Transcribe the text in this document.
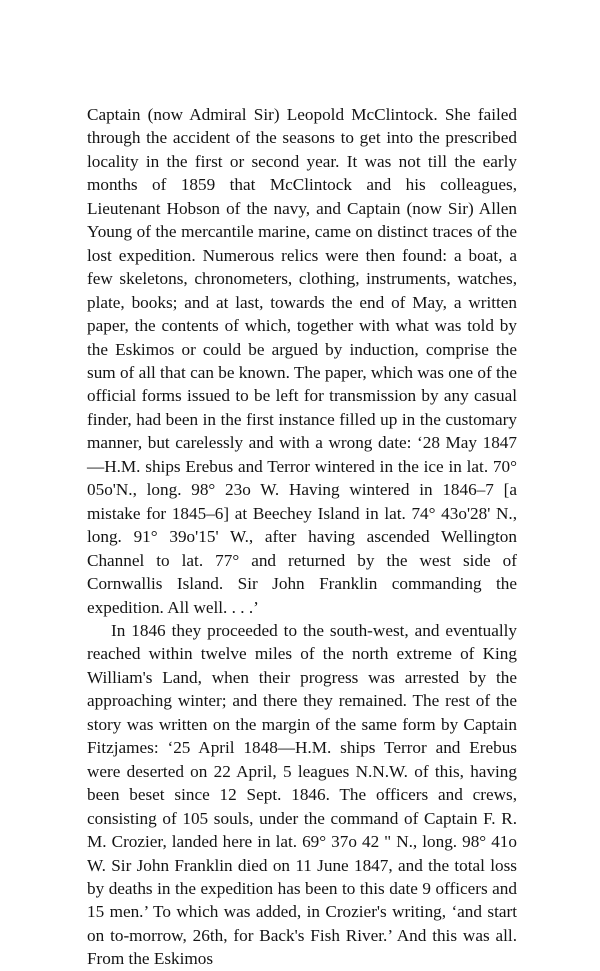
Captain (now Admiral Sir) Leopold McClintock. She failed through the accident of the seasons to get into the prescribed locality in the first or second year. It was not till the early months of 1859 that McClintock and his colleagues, Lieutenant Hobson of the navy, and Captain (now Sir) Allen Young of the mercantile marine, came on distinct traces of the lost expedition. Numerous relics were then found: a boat, a few skeletons, chronometers, clothing, instruments, watches, plate, books; and at last, towards the end of May, a written paper, the contents of which, together with what was told by the Eskimos or could be argued by induction, comprise the sum of all that can be known. The paper, which was one of the official forms issued to be left for transmission by any casual finder, had been in the first instance filled up in the customary manner, but carelessly and with a wrong date: ‘28 May 1847—H.M. ships Erebus and Terror wintered in the ice in lat. 70° 05o'N., long. 98° 23o W. Having wintered in 1846–7 [a mistake for 1845–6] at Beechey Island in lat. 74° 43o'28' N., long. 91° 39o'15' W., after having ascended Wellington Channel to lat. 77° and returned by the west side of Cornwallis Island. Sir John Franklin commanding the expedition. All well. . . .’

In 1846 they proceeded to the south-west, and eventually reached within twelve miles of the north extreme of King William's Land, when their progress was arrested by the approaching winter; and there they remained. The rest of the story was written on the margin of the same form by Captain Fitzjames: ‘25 April 1848—H.M. ships Terror and Erebus were deserted on 22 April, 5 leagues N.N.W. of this, having been beset since 12 Sept. 1846. The officers and crews, consisting of 105 souls, under the command of Captain F. R. M. Crozier, landed here in lat. 69° 37o 42 " N., long. 98° 41o W. Sir John Franklin died on 11 June 1847, and the total loss by deaths in the expedition has been to this date 9 officers and 15 men.’ To which was added, in Crozier's writing, ‘and start on to-morrow, 26th, for Back's Fish River.’ And this was all. From the Eskimos
